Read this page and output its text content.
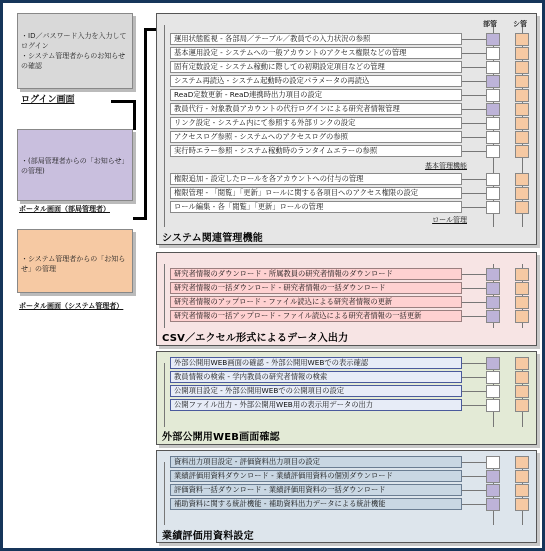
・ID／パスワード入力を入力してログイン
・システム管理者からのお知らせの確認
ログイン画面
・(部局管理者からの「お知らせ」の管理)
ポータル画面（部局管理者）
・システム管理者からの「お知らせ」の管理
ポータル画面（システム管理者）
運用状態監視 - 各部局／テーブル／教員での入力状況の参照
基本運用設定 - システムへの一般アカウントのアクセス権限などの管理
固有定数設定 - システム稼動に際しての初期設定項目などの管理
システム再読込 - システム起動時の設定パラメータの再読込
ReaD定数更新 - ReaD連携時出力項目の設定
教員代行 - 対象教員アカウントの代行ログインによる研究者情報管理
リンク設定 - システム内にて参照する外部リンクの設定
アクセスログ参照 - システムへのアクセスログの参照
実行時エラー参照 - システム稼動時のランタイムエラーの参照
基本管理機能
権限追加 - 設定したロールを各アカウントへの付与の管理
権限管理 - 「閲覧」「更新」ロールに関する各項目へのアクセス権限の設定
ロール編集 - 各「閲覧」「更新」ロールの管理
ロール管理
システム関連管理機能
研究者情報のダウンロード - 所属教員の研究者情報のダウンロード
研究者情報の一括ダウンロード - 研究者情報の一括ダウンロード
研究者情報のアップロード - ファイル読込による研究者情報の更新
研究者情報の一括アップロード - ファイル読込による研究者情報の一括更新
CSV／エクセル形式によるデータ入出力
外部公開用WEB画面の確認 - 外部公開用WEBでの表示確認
教員情報の検索 - 学内教員の研究者情報の検索
公開項目設定 - 外部公開用WEBでの公開項目の設定
公開ファイル出力 - 外部公開用WEB用の表示用データの出力
外部公開用WEB画面確認
資料出力項目設定 - 評価資料出力項目の設定
業績評価用資料ダウンロード - 業績評価用資料の個別ダウンロード
評価資料一括ダウンロード - 業績評価用資料の一括ダウンロード
補助資料に関する統計機能 - 補助資料出力データによる統計機能
業績評価用資料設定
部管 シ管
